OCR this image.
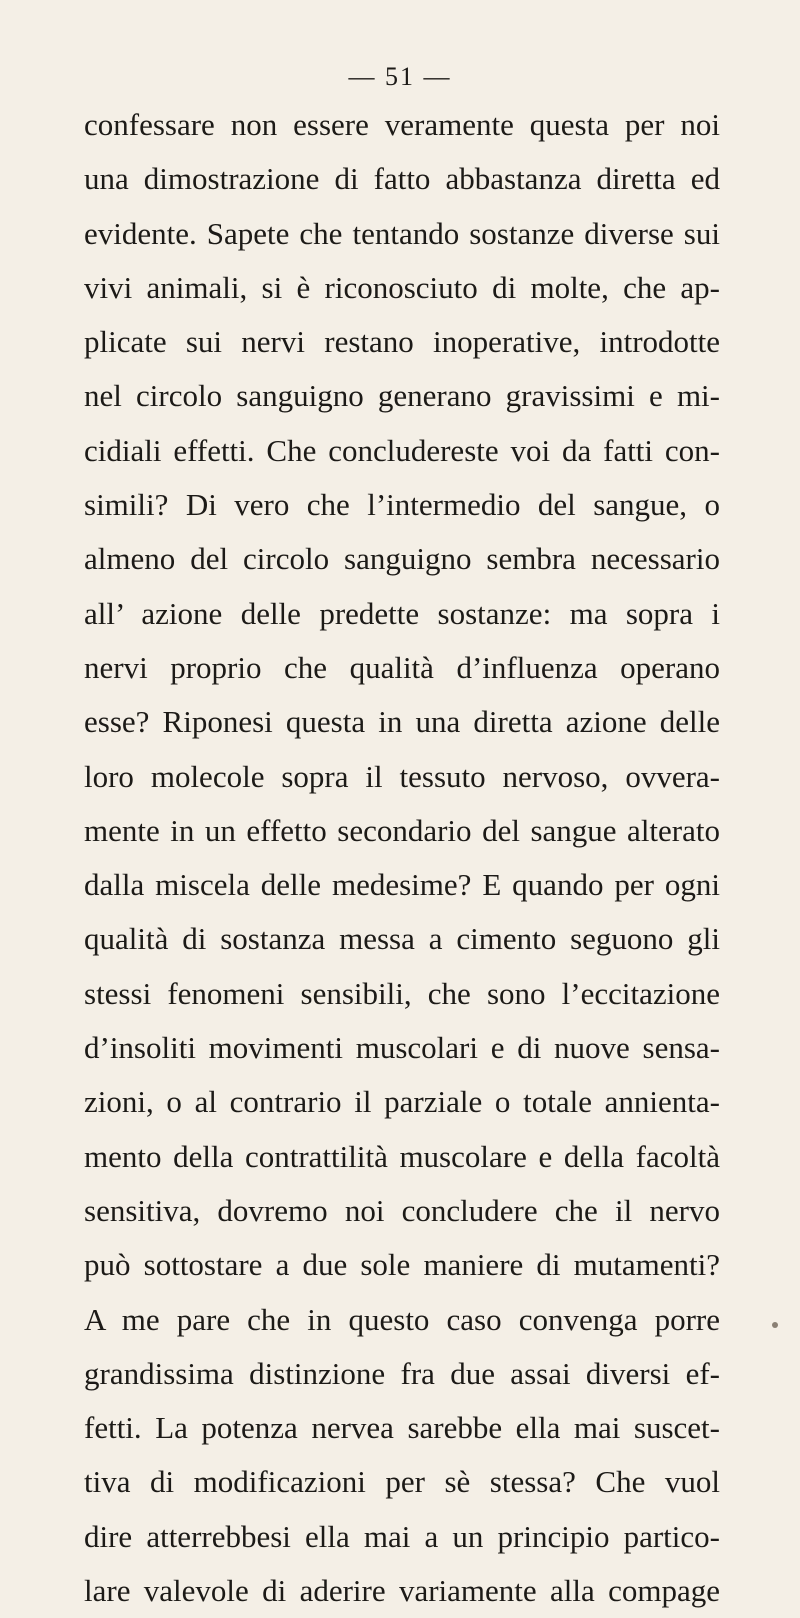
— 51 —
confessare non essere veramente questa per noi
una dimostrazione di fatto abbastanza diretta ed
evidente. Sapete che tentando sostanze diverse sui
vivi animali, si è riconosciuto di molte, che ap-
plicate sui nervi restano inoperative, introdotte
nel circolo sanguigno generano gravissimi e mi-
cidiali effetti. Che concludereste voi da fatti con-
simili? Di vero che l’intermedio del sangue, o
almeno del circolo sanguigno sembra necessario
all’ azione delle predette sostanze: ma sopra i
nervi proprio che qualità d’influenza operano
esse? Riponesi questa in una diretta azione delle
loro molecole sopra il tessuto nervoso, ovvera-
mente in un effetto secondario del sangue alterato
dalla miscela delle medesime? E quando per ogni
qualità di sostanza messa a cimento seguono gli
stessi fenomeni sensibili, che sono l’eccitazione
d’insoliti movimenti muscolari e di nuove sensa-
zioni, o al contrario il parziale o totale annienta-
mento della contrattilità muscolare e della facoltà
sensitiva, dovremo noi concludere che il nervo
può sottostare a due sole maniere di mutamenti?
A me pare che in questo caso convenga porre
grandissima distinzione fra due assai diversi ef-
fetti. La potenza nervea sarebbe ella mai suscet-
tiva di modificazioni per sè stessa? Che vuol
dire atterrebbesi ella mai a un principio partico-
lare valevole di aderire variamente alla compage
